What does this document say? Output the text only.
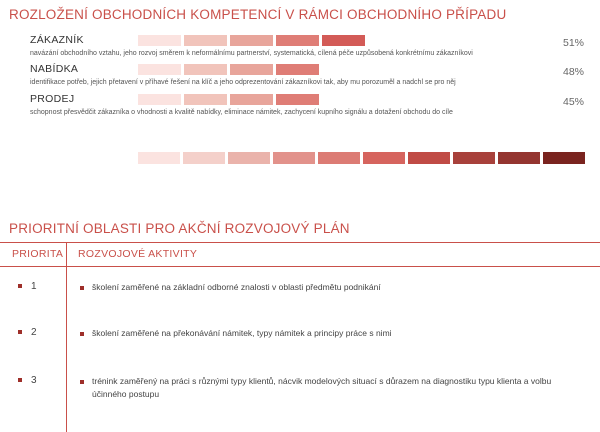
ROZLOŽENÍ OBCHODNÍCH KOMPETENCÍ V RÁMCI OBCHODNÍHO PŘÍPADU
ZÁKAZNÍK	51%
navázání obchodního vztahu, jeho rozvoj směrem k neformálnímu partnerství, systematická, cílená péče uzpůsobená konkrétnímu zákazníkovi
NABÍDKA	48%
identifikace potřeb, jejich přetavení v příhavé řešení na klíč a jeho odprezentování zákazníkovi tak, aby mu porozuměl a nadchl se pro něj
PRODEJ	45%
schopnost přesvědčit zákazníka o vhodnosti a kvalitě nabídky, eliminace námitek, zachycení kupního signálu a dotažení obchodu do cíle
PRIORITNÍ OBLASTI PRO AKČNÍ ROZVOJOVÝ PLÁN
PRIORITA ROZVOJOVÉ AKTIVITY
1	školení zaměřené na základní odborné znalosti v oblasti předmětu podnikání
2	školení zaměřené na překonávání námitek, typy námitek a principy práce s nimi
3	trénink zaměřený na práci s různými typy klientů, nácvik modelových situací s důrazem na diagnostiku typu klienta a volbu účinného postupu
